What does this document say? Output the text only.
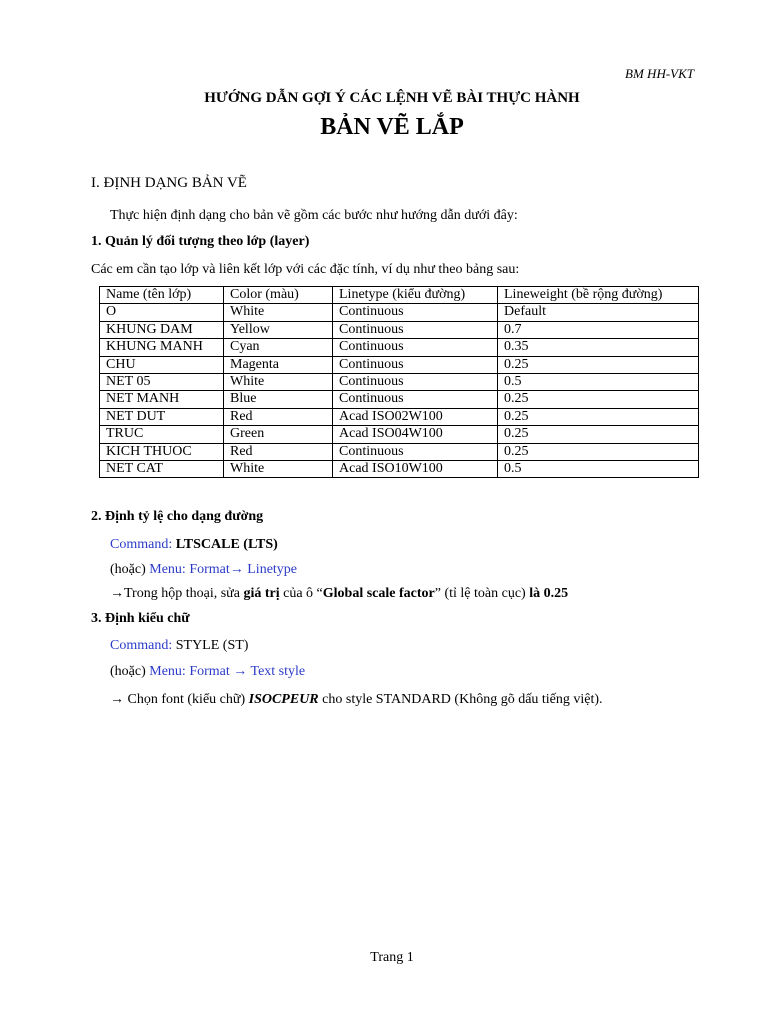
BM HH-VKT
HƯỚNG DẪN GỢI Ý CÁC LỆNH VẼ BÀI THỰC HÀNH
BẢN VẼ LẮP
I. ĐỊNH DẠNG BẢN VẼ
Thực hiện định dạng cho bản vẽ gồm các bước như hướng dẫn dưới đây:
1. Quản lý đối tượng theo lớp (layer)
Các em cần tạo lớp và liên kết lớp với các đặc tính, ví dụ như theo bảng sau:
Name (tên lớp)	Color (màu)	Linetype (kiểu đường)	Lineweight (bề rộng đường)
O	White	Continuous	Default
KHUNG DAM	Yellow	Continuous	0.7
KHUNG MANH	Cyan	Continuous	0.35
CHU	Magenta	Continuous	0.25
NET 05	White	Continuous	0.5
NET MANH	Blue	Continuous	0.25
NET DUT	Red	Acad ISO02W100	0.25
TRUC	Green	Acad ISO04W100	0.25
KICH THUOC	Red	Continuous	0.25
NET CAT	White	Acad ISO10W100	0.5
2. Định tỷ lệ cho dạng đường
Command: LTSCALE (LTS)
(hoặc) Menu: Format→ Linetype
→Trong hộp thoại, sửa giá trị của ô “Global scale factor” (tỉ lệ toàn cục) là 0.25
3. Định kiểu chữ
Command: STYLE (ST)
(hoặc) Menu: Format → Text style
→ Chọn font (kiểu chữ) ISOCPEUR cho style STANDARD (Không gõ dấu tiếng việt).
Trang 1
